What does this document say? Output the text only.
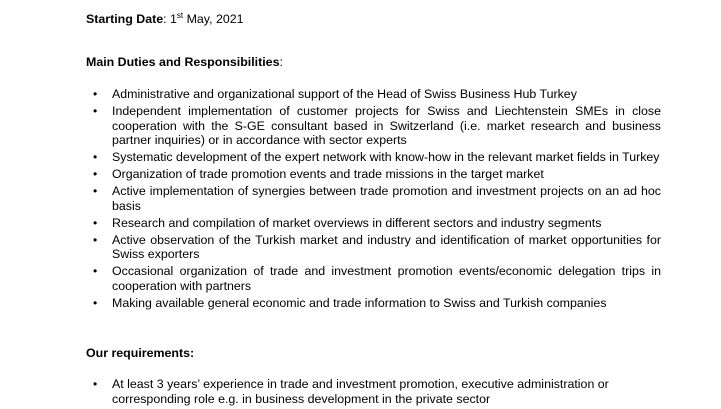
Starting Date: 1st May, 2021
Main Duties and Responsibilities:
• Administrative and organizational support of the Head of Swiss Business Hub Turkey
• Independent implementation of customer projects for Swiss and Liechtenstein SMEs in close cooperation with the S-GE consultant based in Switzerland (i.e. market research and business partner inquiries) or in accordance with sector experts
• Systematic development of the expert network with know-how in the relevant market fields in Turkey
• Organization of trade promotion events and trade missions in the target market
• Active implementation of synergies between trade promotion and investment projects on an ad hoc basis
• Research and compilation of market overviews in different sectors and industry segments
• Active observation of the Turkish market and industry and identification of market opportunities for Swiss exporters
• Occasional organization of trade and investment promotion events/economic delegation trips in cooperation with partners
• Making available general economic and trade information to Swiss and Turkish companies
Our requirements:
• At least 3 years’ experience in trade and investment promotion, executive administration or corresponding role e.g. in business development in the private sector
